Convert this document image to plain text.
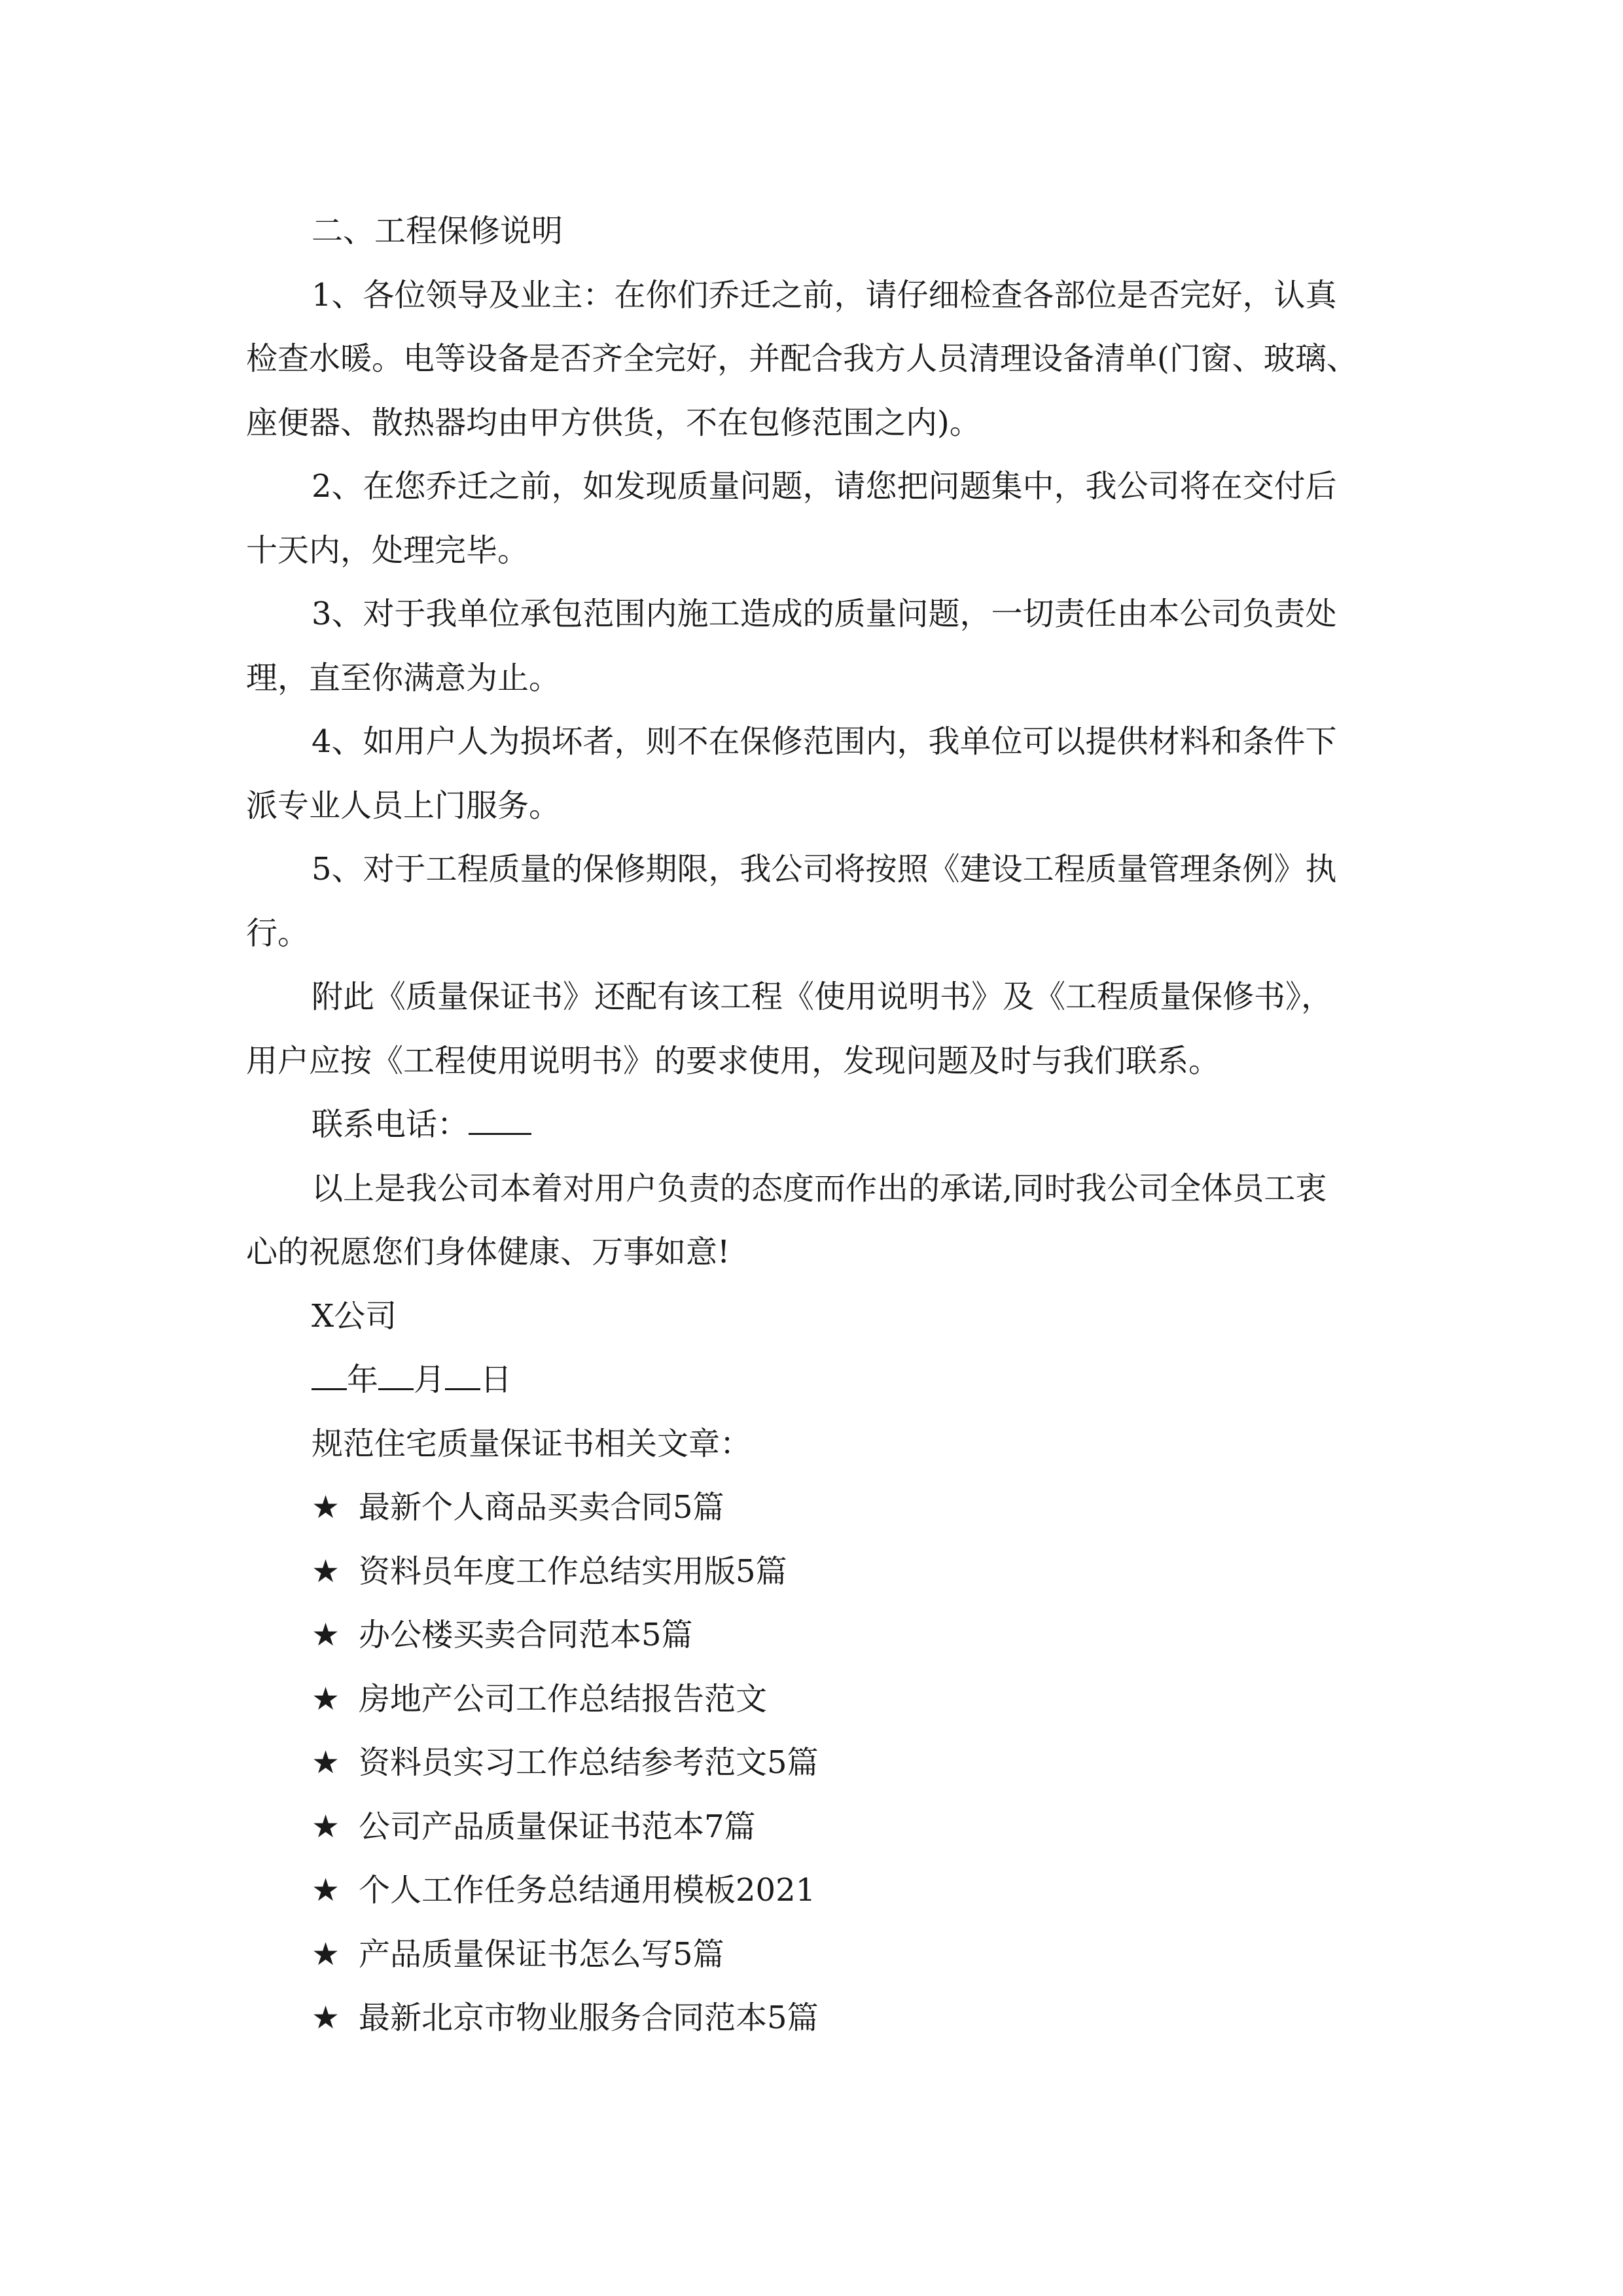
二、工程保修说明
1、各位领导及业主：在你们乔迁之前，请仔细检查各部位是否完好，认真
检查水暖。电等设备是否齐全完好，并配合我方人员清理设备清单(门窗、玻璃、
座便器、散热器均由甲方供货，不在包修范围之内)。
2、在您乔迁之前，如发现质量问题，请您把问题集中，我公司将在交付后
十天内，处理完毕。
3、对于我单位承包范围内施工造成的质量问题，一切责任由本公司负责处
理，直至你满意为止。
4、如用户人为损坏者，则不在保修范围内，我单位可以提供材料和条件下
派专业人员上门服务。
5、对于工程质量的保修期限，我公司将按照《建设工程质量管理条例》执
行。
附此《质量保证书》还配有该工程《使用说明书》及《工程质量保修书》，
用户应按《工程使用说明书》的要求使用，发现问题及时与我们联系。
联系电话：
以上是我公司本着对用户负责的态度而作出的承诺,同时我公司全体员工衷
心的祝愿您们身体健康、万事如意!
X公司
年 月 日
规范住宅质量保证书相关文章：
★ 最新个人商品买卖合同5篇
★ 资料员年度工作总结实用版5篇
★ 办公楼买卖合同范本5篇
★ 房地产公司工作总结报告范文
★ 资料员实习工作总结参考范文5篇
★ 公司产品质量保证书范本7篇
★ 个人工作任务总结通用模板2021
★ 产品质量保证书怎么写5篇
★ 最新北京市物业服务合同范本5篇
